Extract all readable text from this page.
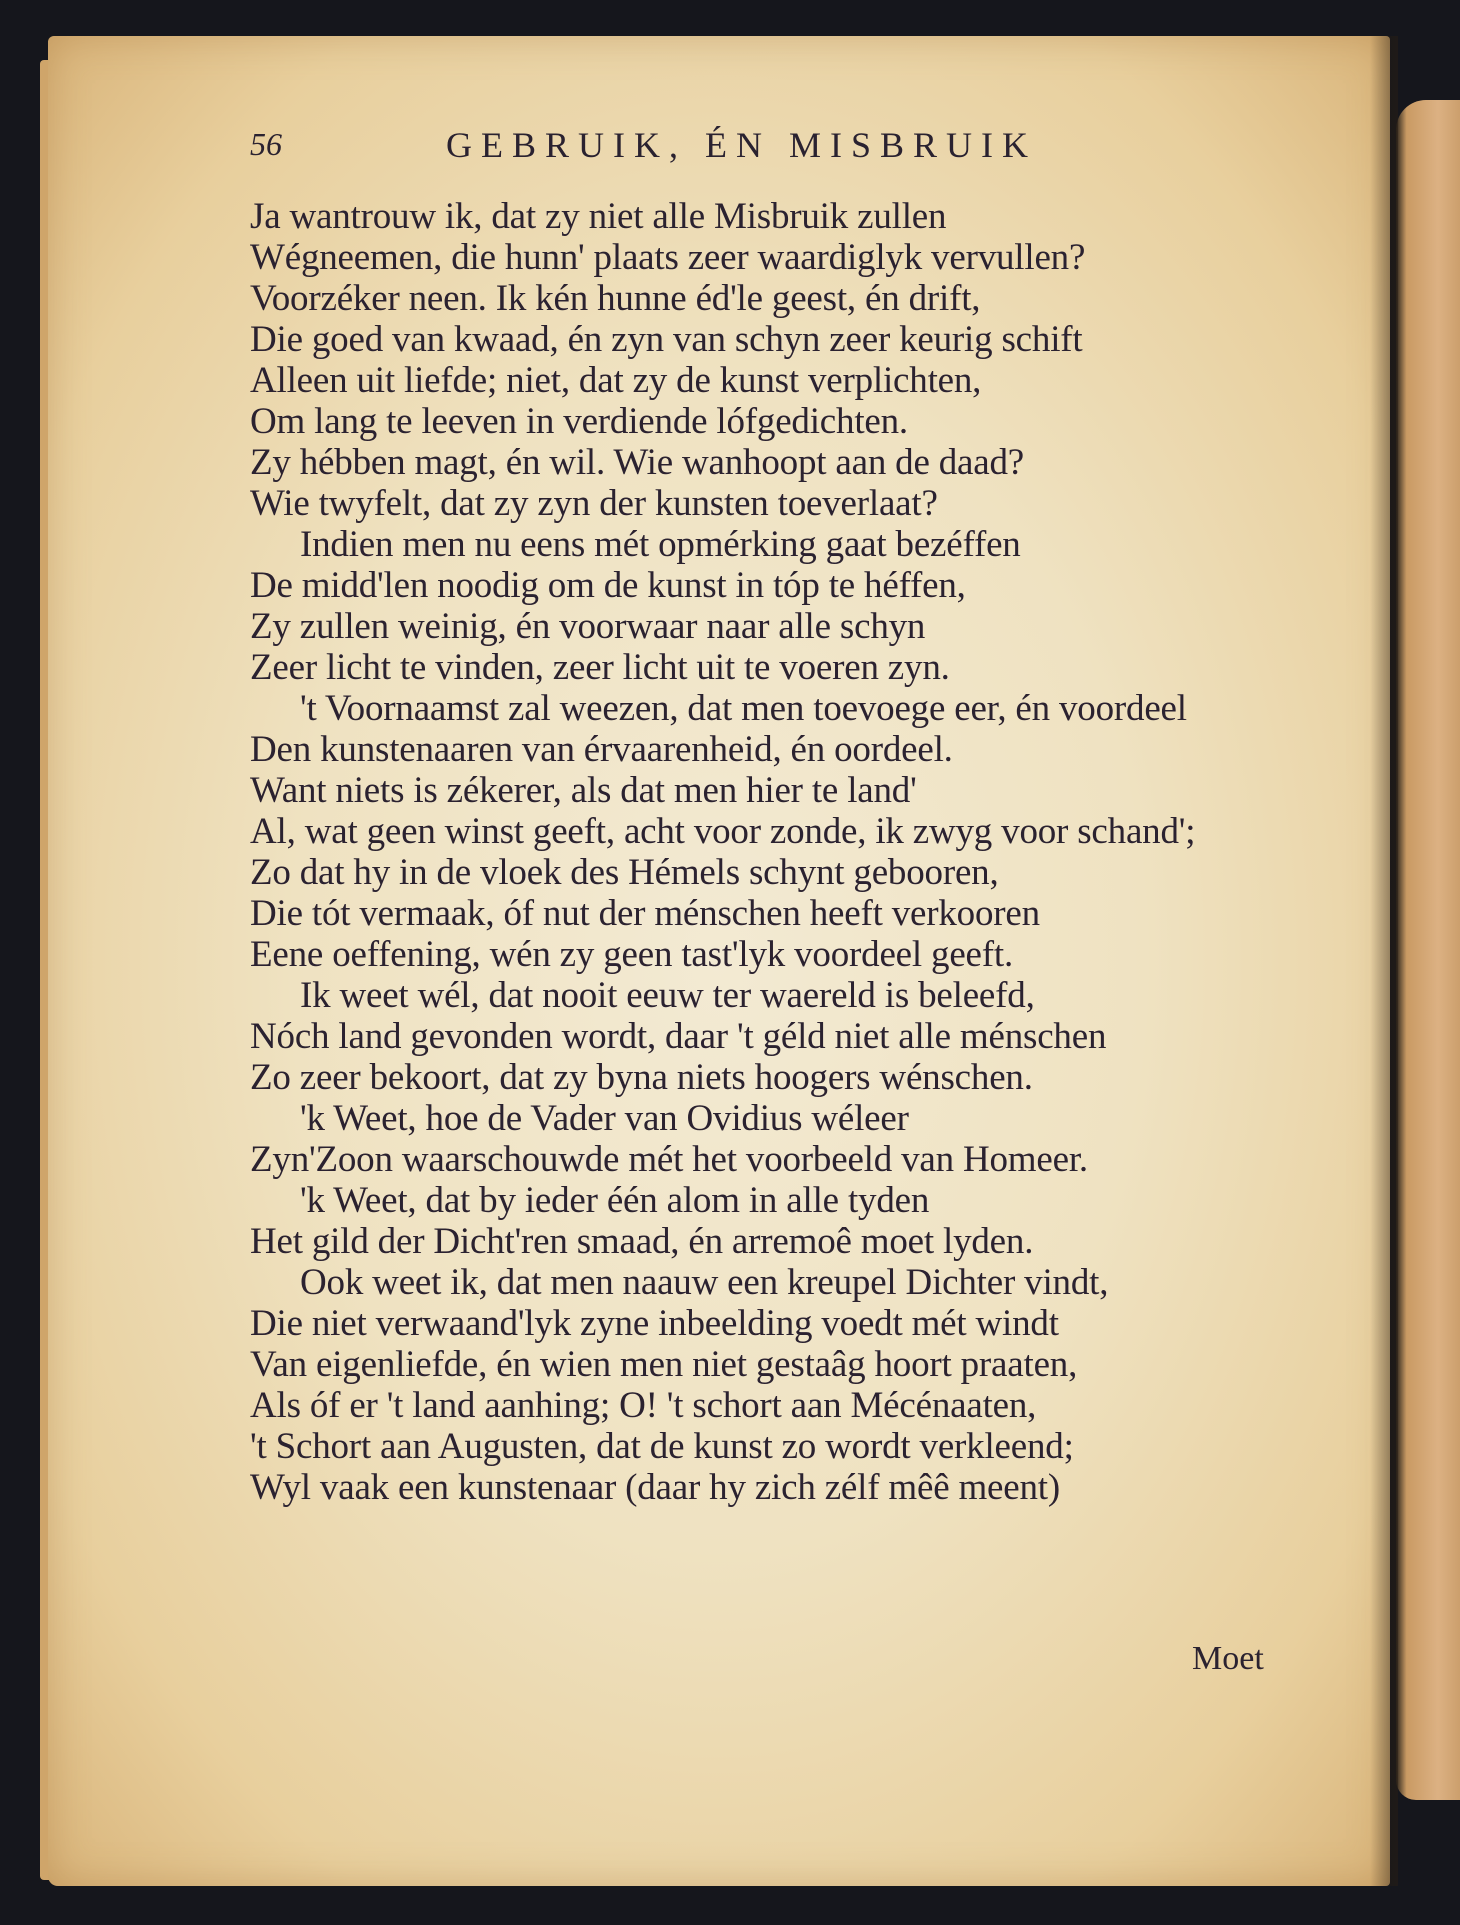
56	GEBRUIK, ÉN MISBRUIK
Ja wantrouw ik, dat zy niet alle Misbruik zullen
Wégneemen, die hunn' plaats zeer waardiglyk vervullen?
Voorzéker neen. Ik kén hunne éd'le geest, én drift,
Die goed van kwaad, én zyn van schyn zeer keurig schift
Alleen uit liefde; niet, dat zy de kunst verplichten,
Om lang te leeven in verdiende lófgedichten.
Zy hébben magt, én wil. Wie wanhoopt aan de daad?
Wie twyfelt, dat zy zyn der kunsten toeverlaat?
Indien men nu eens mét opmérking gaat bezéffen
De midd'len noodig om de kunst in tóp te héffen,
Zy zullen weinig, én voorwaar naar alle schyn
Zeer licht te vinden, zeer licht uit te voeren zyn.
't Voornaamst zal weezen, dat men toevoege eer, én voordeel
Den kunstenaaren van érvaarenheid, én oordeel.
Want niets is zékerer, als dat men hier te land'
Al, wat geen winst geeft, acht voor zonde, ik zwyg voor schand';
Zo dat hy in de vloek des Hémels schynt gebooren,
Die tót vermaak, óf nut der ménschen heeft verkooren
Eene oeffening, wén zy geen tast'lyk voordeel geeft.
Ik weet wél, dat nooit eeuw ter waereld is beleefd,
Nóch land gevonden wordt, daar 't géld niet alle ménschen
Zo zeer bekoort, dat zy byna niets hoogers wénschen.
'k Weet, hoe de Vader van Ovidius wéleer
Zyn'Zoon waarschouwde mét het voorbeeld van Homeer.
'k Weet, dat by ieder één alom in alle tyden
Het gild der Dicht'ren smaad, én arremoê moet lyden.
Ook weet ik, dat men naauw een kreupel Dichter vindt,
Die niet verwaand'lyk zyne inbeelding voedt mét windt
Van eigenliefde, én wien men niet gestaâg hoort praaten,
Als óf er 't land aanhing; O! 't schort aan Mécénaaten,
't Schort aan Augusten, dat de kunst zo wordt verkleend;
Wyl vaak een kunstenaar (daar hy zich zélf mêê meent)
Moet
